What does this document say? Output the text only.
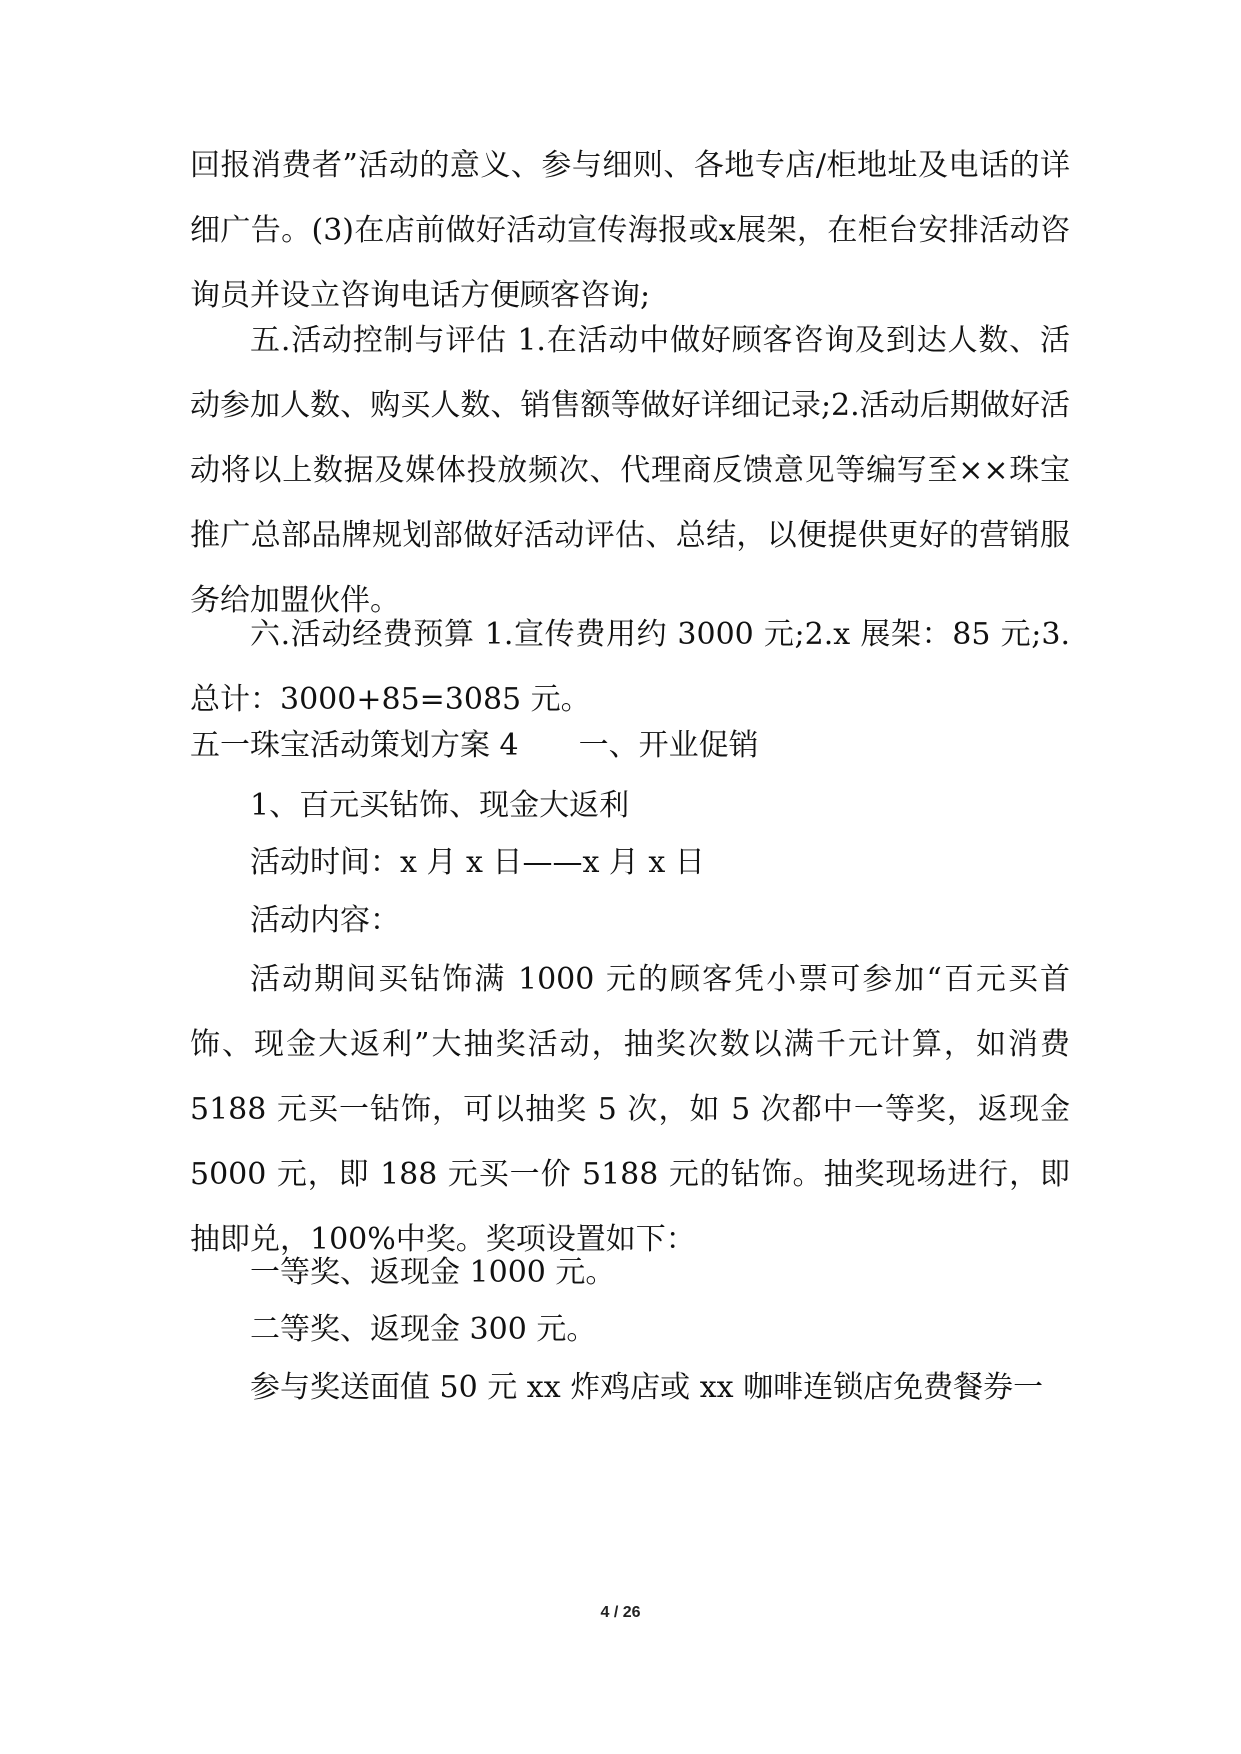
回报消费者”活动的意义、参与细则、各地专店/柜地址及电话的详细广告。(3)在店前做好活动宣传海报或x展架，在柜台安排活动咨询员并设立咨询电话方便顾客咨询;

五.活动控制与评估 1.在活动中做好顾客咨询及到达人数、活动参加人数、购买人数、销售额等做好详细记录;2.活动后期做好活动将以上数据及媒体投放频次、代理商反馈意见等编写至××珠宝推广总部品牌规划部做好活动评估、总结，以便提供更好的营销服务给加盟伙伴。

六.活动经费预算 1.宣传费用约 3000 元;2.x 展架：85 元;3.总计：3000+85=3085 元。

五一珠宝活动策划方案 4　　一、开业促销

1、百元买钻饰、现金大返利

活动时间：x 月 x 日——x 月 x 日

活动内容：

活动期间买钻饰满 1000 元的顾客凭小票可参加“百元买首饰、现金大返利”大抽奖活动，抽奖次数以满千元计算，如消费 5188 元买一钻饰，可以抽奖 5 次，如 5 次都中一等奖，返现金 5000 元，即 188 元买一价 5188 元的钻饰。抽奖现场进行，即抽即兑，100%中奖。奖项设置如下：

一等奖、返现金 1000 元。

二等奖、返现金 300 元。

参与奖送面值 50 元 xx 炸鸡店或 xx 咖啡连锁店免费餐券一

4 / 26
